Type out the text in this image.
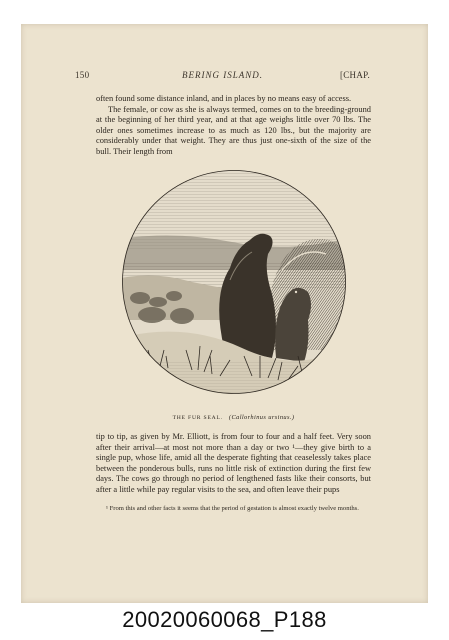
150	BERING ISLAND.	[CHAP.

often found some distance inland, and in places by no means easy of access.

The female, or cow as she is always termed, comes on to the breeding-ground at the beginning of her third year, and at that age weighs little over 70 lbs. The older ones sometimes increase to as much as 120 lbs., but the majority are considerably under that weight. They are thus just one-sixth of the size of the bull. Their length from

THE FUR SEAL. (Callorhinus ursinus.)

tip to tip, as given by Mr. Elliott, is from four to four and a half feet. Very soon after their arrival—at most not more than a day or two ¹—they give birth to a single pup, whose life, amid all the desperate fighting that ceaselessly takes place between the ponderous bulls, runs no little risk of extinction during the first few days. The cows go through no period of lengthened fasts like their consorts, but after a little while pay regular visits to the sea, and often leave their pups

¹ From this and other facts it seems that the period of gestation is almost exactly twelve months.

20020060068_P188
